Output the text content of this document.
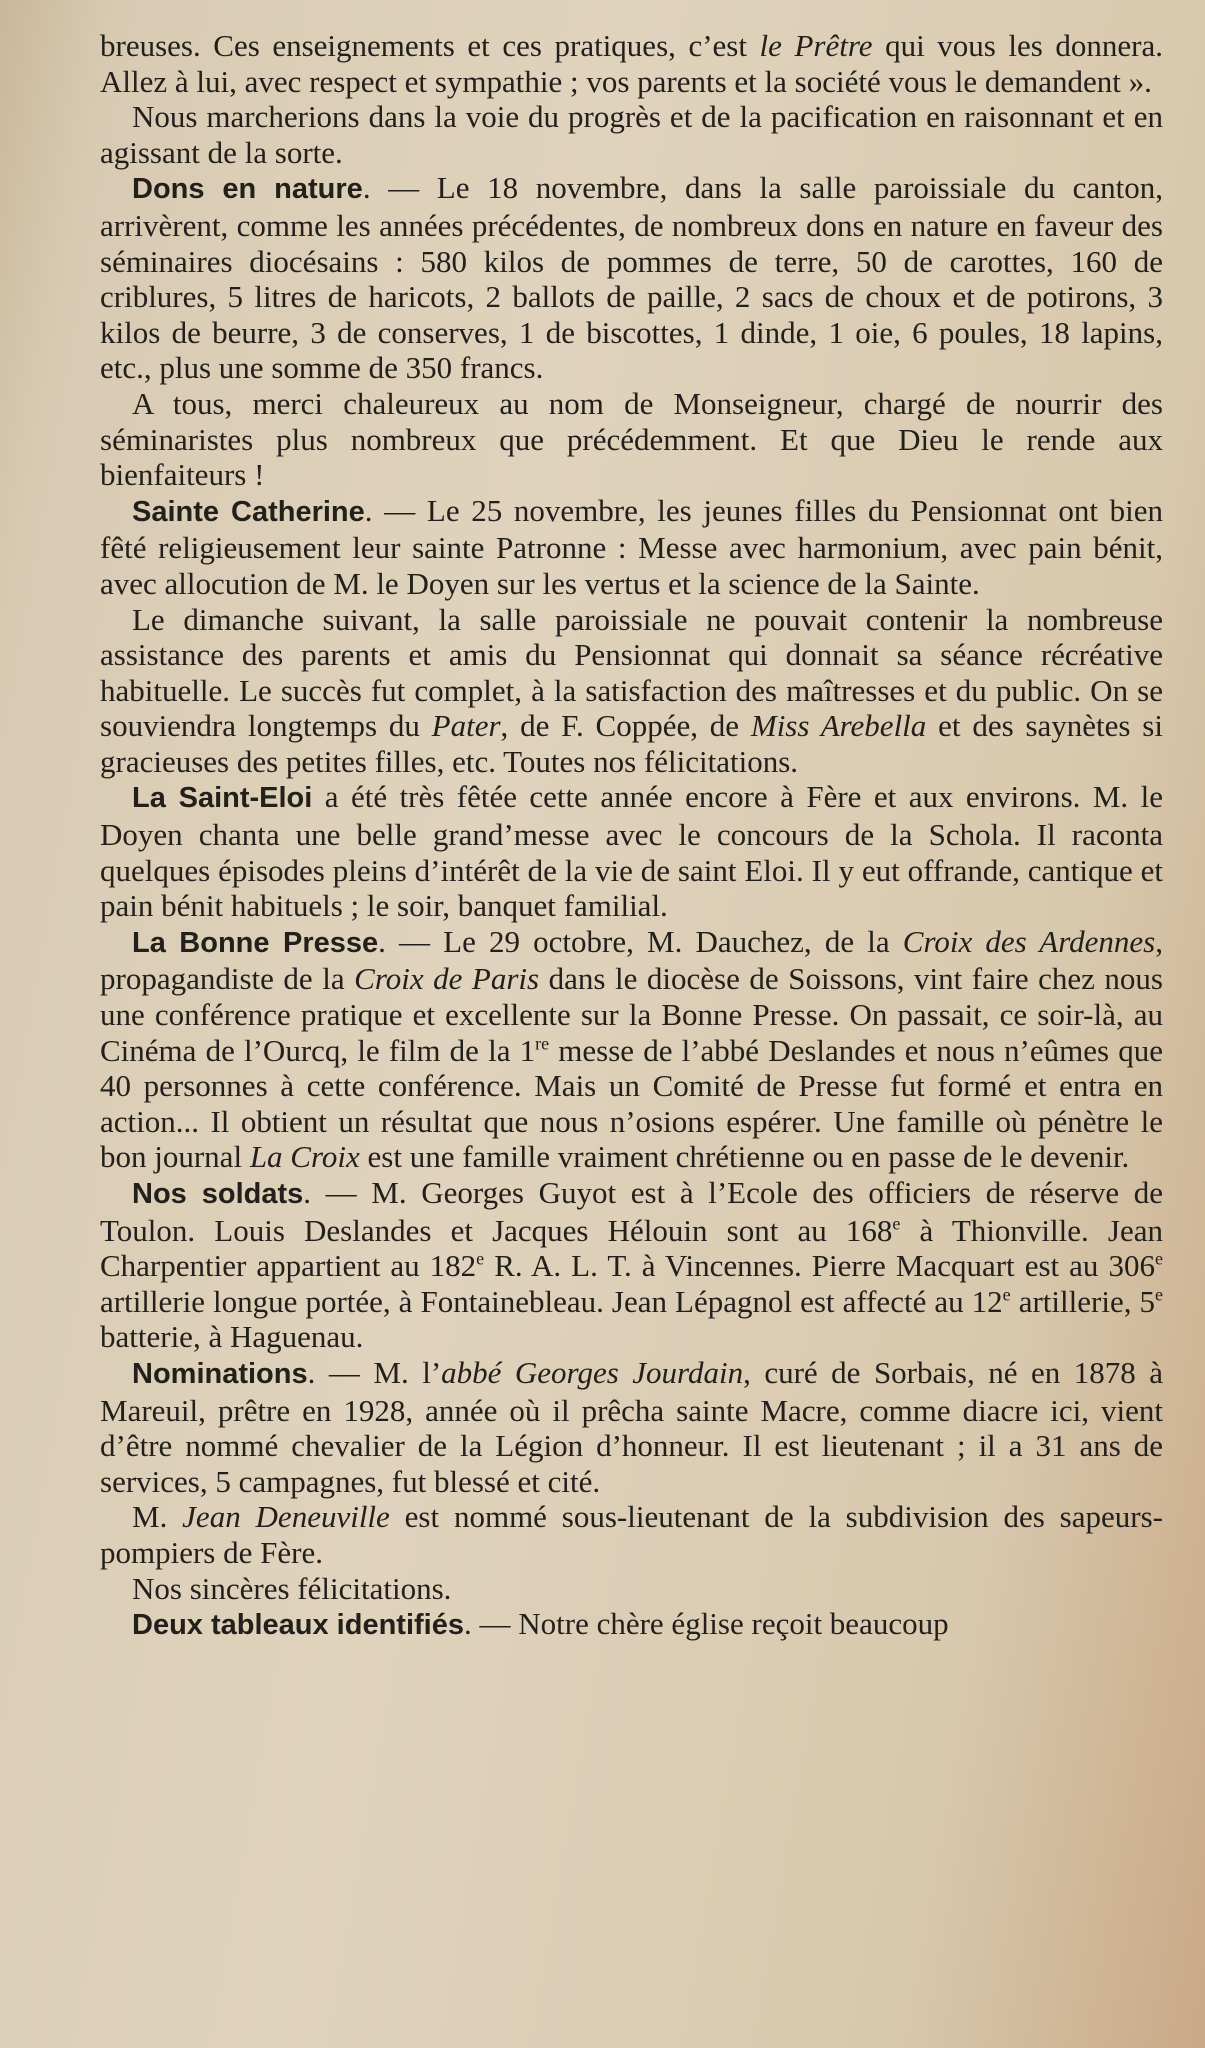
breuses. Ces enseignements et ces pratiques, c’est le Prêtre qui vous les donnera. Allez à lui, avec respect et sympathie ; vos parents et la société vous le demandent ».

Nous marcherions dans la voie du progrès et de la pacification en raisonnant et en agissant de la sorte.

Dons en nature. — Le 18 novembre, dans la salle paroissiale du canton, arrivèrent, comme les années précédentes, de nombreux dons en nature en faveur des séminaires diocésains : 580 kilos de pommes de terre, 50 de carottes, 160 de criblures, 5 litres de haricots, 2 ballots de paille, 2 sacs de choux et de potirons, 3 kilos de beurre, 3 de conserves, 1 de biscottes, 1 dinde, 1 oie, 6 poules, 18 lapins, etc., plus une somme de 350 francs.

A tous, merci chaleureux au nom de Monseigneur, chargé de nourrir des séminaristes plus nombreux que précédemment. Et que Dieu le rende aux bienfaiteurs !

Sainte Catherine. — Le 25 novembre, les jeunes filles du Pensionnat ont bien fêté religieusement leur sainte Patronne : Messe avec harmonium, avec pain bénit, avec allocution de M. le Doyen sur les vertus et la science de la Sainte.

Le dimanche suivant, la salle paroissiale ne pouvait contenir la nombreuse assistance des parents et amis du Pensionnat qui donnait sa séance récréative habituelle. Le succès fut complet, à la satisfaction des maîtresses et du public. On se souviendra longtemps du Pater, de F. Coppée, de Miss Arebella et des saynètes si gracieuses des petites filles, etc. Toutes nos félicitations.

La Saint-Eloi a été très fêtée cette année encore à Fère et aux environs. M. le Doyen chanta une belle grand’messe avec le concours de la Schola. Il raconta quelques épisodes pleins d’intérêt de la vie de saint Eloi. Il y eut offrande, cantique et pain bénit habituels ; le soir, banquet familial.

La Bonne Presse. — Le 29 octobre, M. Dauchez, de la Croix des Ardennes, propagandiste de la Croix de Paris dans le diocèse de Soissons, vint faire chez nous une conférence pratique et excellente sur la Bonne Presse. On passait, ce soir-là, au Cinéma de l’Ourcq, le film de la 1re messe de l’abbé Deslandes et nous n’eûmes que 40 personnes à cette conférence. Mais un Comité de Presse fut formé et entra en action... Il obtient un résultat que nous n’osions espérer. Une famille où pénètre le bon journal La Croix est une famille vraiment chrétienne ou en passe de le devenir.

Nos soldats. — M. Georges Guyot est à l’Ecole des officiers de réserve de Toulon. Louis Deslandes et Jacques Hélouin sont au 168e à Thionville. Jean Charpentier appartient au 182e R. A. L. T. à Vincennes. Pierre Macquart est au 306e artillerie longue portée, à Fontainebleau. Jean Lépagnol est affecté au 12e artillerie, 5e batterie, à Haguenau.

Nominations. — M. l’abbé Georges Jourdain, curé de Sorbais, né en 1878 à Mareuil, prêtre en 1928, année où il prêcha sainte Macre, comme diacre ici, vient d’être nommé chevalier de la Légion d’honneur. Il est lieutenant ; il a 31 ans de services, 5 campagnes, fut blessé et cité.

M. Jean Deneuville est nommé sous-lieutenant de la subdivision des sapeurs-pompiers de Fère.

Nos sincères félicitations.

Deux tableaux identifiés. — Notre chère église reçoit beaucoup
